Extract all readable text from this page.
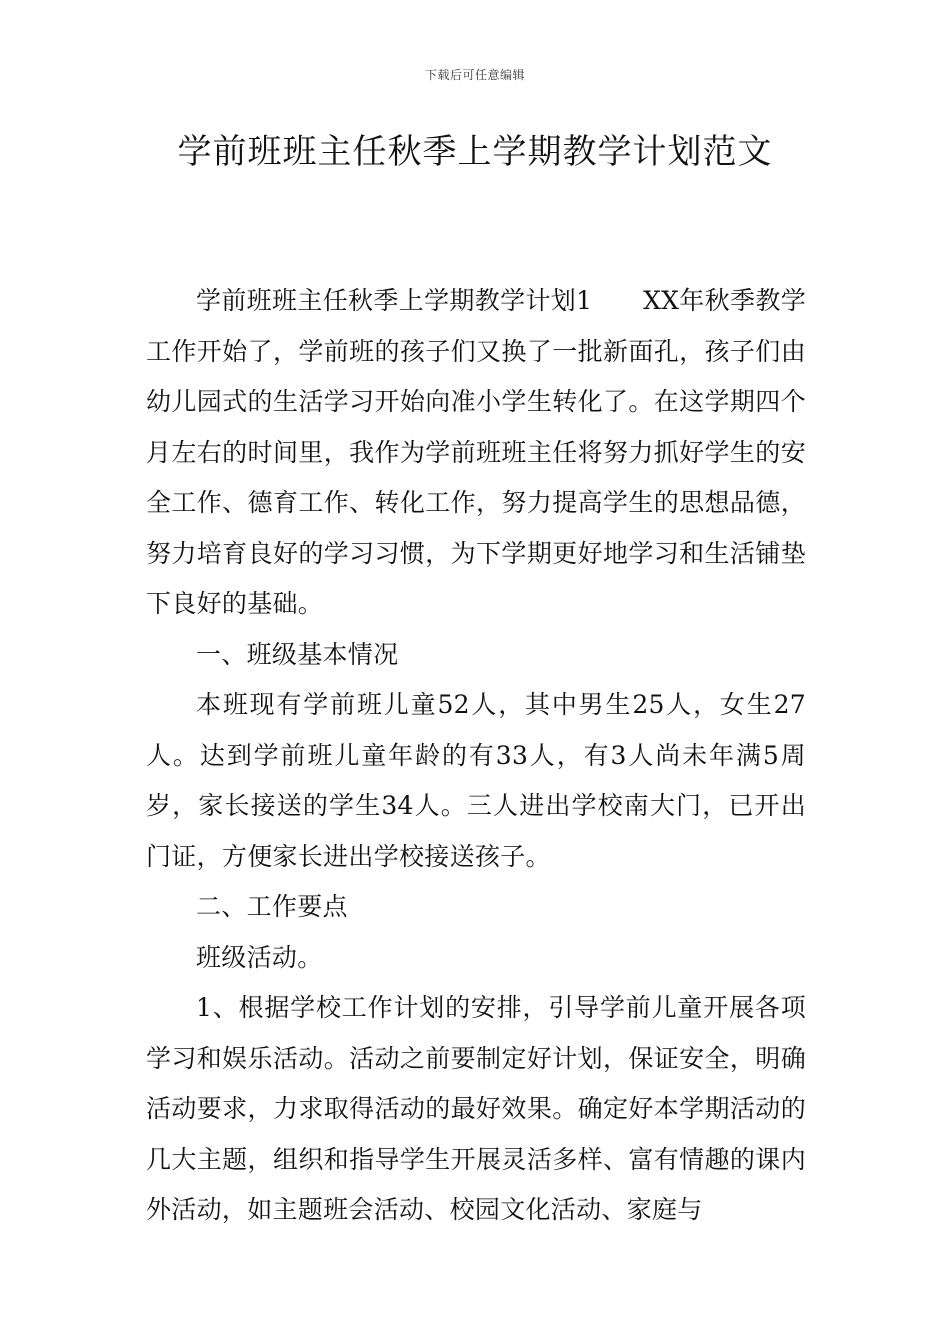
下载后可任意编辑
学前班班主任秋季上学期教学计划范文

学前班班主任秋季上学期教学计划1　　XX年秋季教学工作开始了，学前班的孩子们又换了一批新面孔，孩子们由幼儿园式的生活学习开始向准小学生转化了。在这学期四个月左右的时间里，我作为学前班班主任将努力抓好学生的安全工作、德育工作、转化工作，努力提高学生的思想品德，努力培育良好的学习习惯，为下学期更好地学习和生活铺垫下良好的基础。

一、班级基本情况

本班现有学前班儿童52人，其中男生25人，女生27人。达到学前班儿童年龄的有33人，有3人尚未年满5周岁，家长接送的学生34人。三人进出学校南大门，已开出门证，方便家长进出学校接送孩子。

二、工作要点

班级活动。

1、根据学校工作计划的安排，引导学前儿童开展各项学习和娱乐活动。活动之前要制定好计划，保证安全，明确活动要求，力求取得活动的最好效果。确定好本学期活动的几大主题，组织和指导学生开展灵活多样、富有情趣的课内外活动，如主题班会活动、校园文化活动、家庭与
